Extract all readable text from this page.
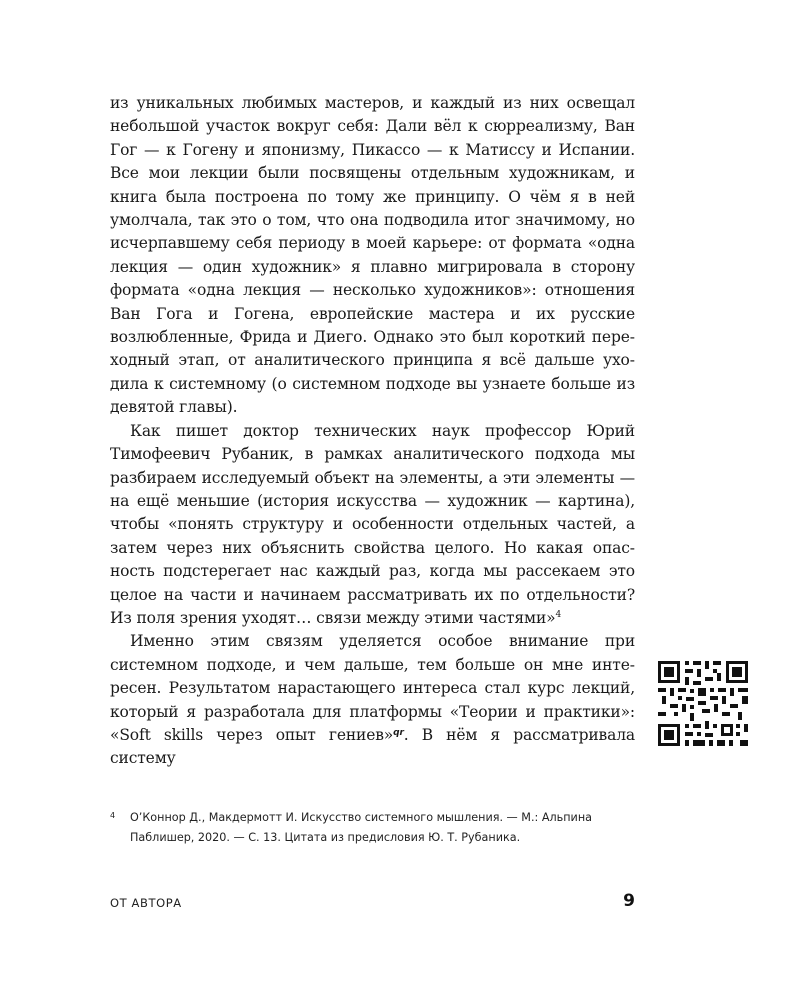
из уникальных любимых мастеров, и каждый из них освещал небольшой участок вокруг себя: Дали вёл к сюрреализму, Ван Гог — к Гогену и японизму, Пикассо — к Матиссу и Испании. Все мои лекции были посвящены отдельным художникам, и книга была построена по тому же принципу. О чём я в ней умолчала, так это о том, что она подводила итог значимому, но исчерпавшему себя периоду в моей карьере: от формата «одна лекция — один художник» я плавно мигрировала в сторону формата «одна лекция — несколько художников»: отношения Ван Гога и Гогена, европейские мастера и их русские возлюбленные, Фрида и Диего. Однако это был короткий переходный этап, от аналитического принципа я всё дальше уходила к системному (о системном подходе вы узнаете больше из девятой главы).

Как пишет доктор технических наук профессор Юрий Тимофеевич Рубаник, в рамках аналитического подхода мы разбираем исследуемый объект на элементы, а эти элементы — на ещё меньшие (история искусства — художник — картина), чтобы «понять структуру и особенности отдельных частей, а затем через них объяснить свойства целого. Но какая опасность подстерегает нас каждый раз, когда мы рассекаем это целое на части и начинаем рассматривать их по отдельности? Из поля зрения уходят… связи между этими частями»$^4$

Именно этим связям уделяется особое внимание при системном подходе, и чем дальше, тем больше он мне интересен. Результатом нарастающего интереса стал курс лекций, который я разработала для платформы «Теории и практики»: «Soft skills через опыт гениев»$^{qr}$. В нём я рассматривала систему

4 О’Коннор Д., Макдермотт И. Искусство системного мышления. — М.: Альпина Паблишер, 2020. — С. 13. Цитата из предисловия Ю. Т. Рубаника.
ОТ АВТОРА	9
